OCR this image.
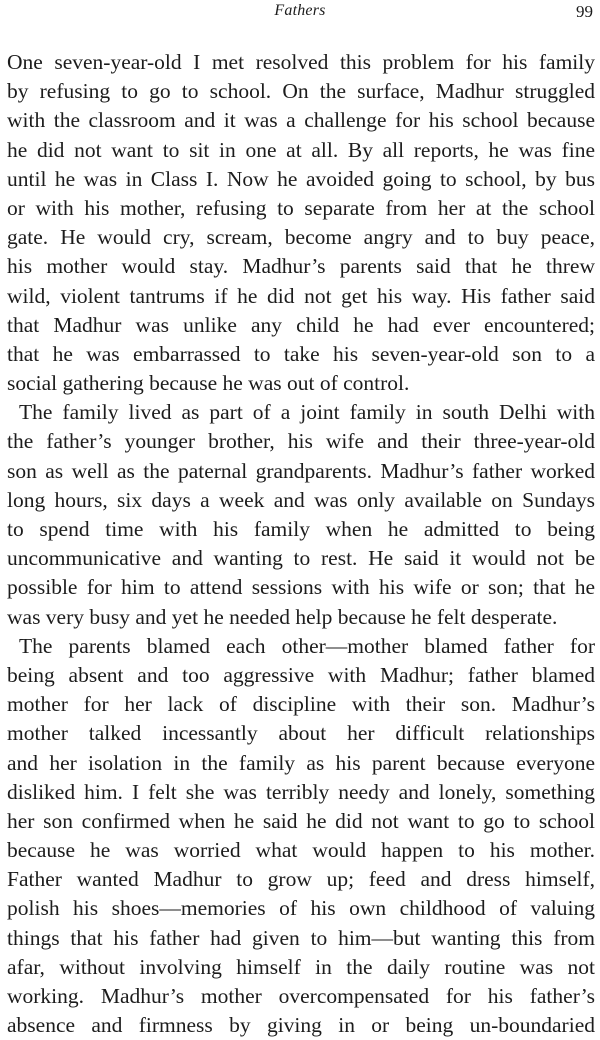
Fathers	99
One seven-year-old I met resolved this problem for his family
by refusing to go to school. On the surface, Madhur struggled
with the classroom and it was a challenge for his school because
he did not want to sit in one at all. By all reports, he was fine
until he was in Class I. Now he avoided going to school, by bus
or with his mother, refusing to separate from her at the school
gate. He would cry, scream, become angry and to buy peace,
his mother would stay. Madhur’s parents said that he threw
wild, violent tantrums if he did not get his way. His father said
that Madhur was unlike any child he had ever encountered;
that he was embarrassed to take his seven-year-old son to a
social gathering because he was out of control.
The family lived as part of a joint family in south Delhi with
the father’s younger brother, his wife and their three-year-old
son as well as the paternal grandparents. Madhur’s father worked
long hours, six days a week and was only available on Sundays
to spend time with his family when he admitted to being
uncommunicative and wanting to rest. He said it would not be
possible for him to attend sessions with his wife or son; that he
was very busy and yet he needed help because he felt desperate.
The parents blamed each other—mother blamed father for
being absent and too aggressive with Madhur; father blamed
mother for her lack of discipline with their son. Madhur’s
mother talked incessantly about her difficult relationships
and her isolation in the family as his parent because everyone
disliked him. I felt she was terribly needy and lonely, something
her son confirmed when he said he did not want to go to school
because he was worried what would happen to his mother.
Father wanted Madhur to grow up; feed and dress himself,
polish his shoes—memories of his own childhood of valuing
things that his father had given to him—but wanting this from
afar, without involving himself in the daily routine was not
working. Madhur’s mother overcompensated for his father’s
absence and firmness by giving in or being un-boundaried
